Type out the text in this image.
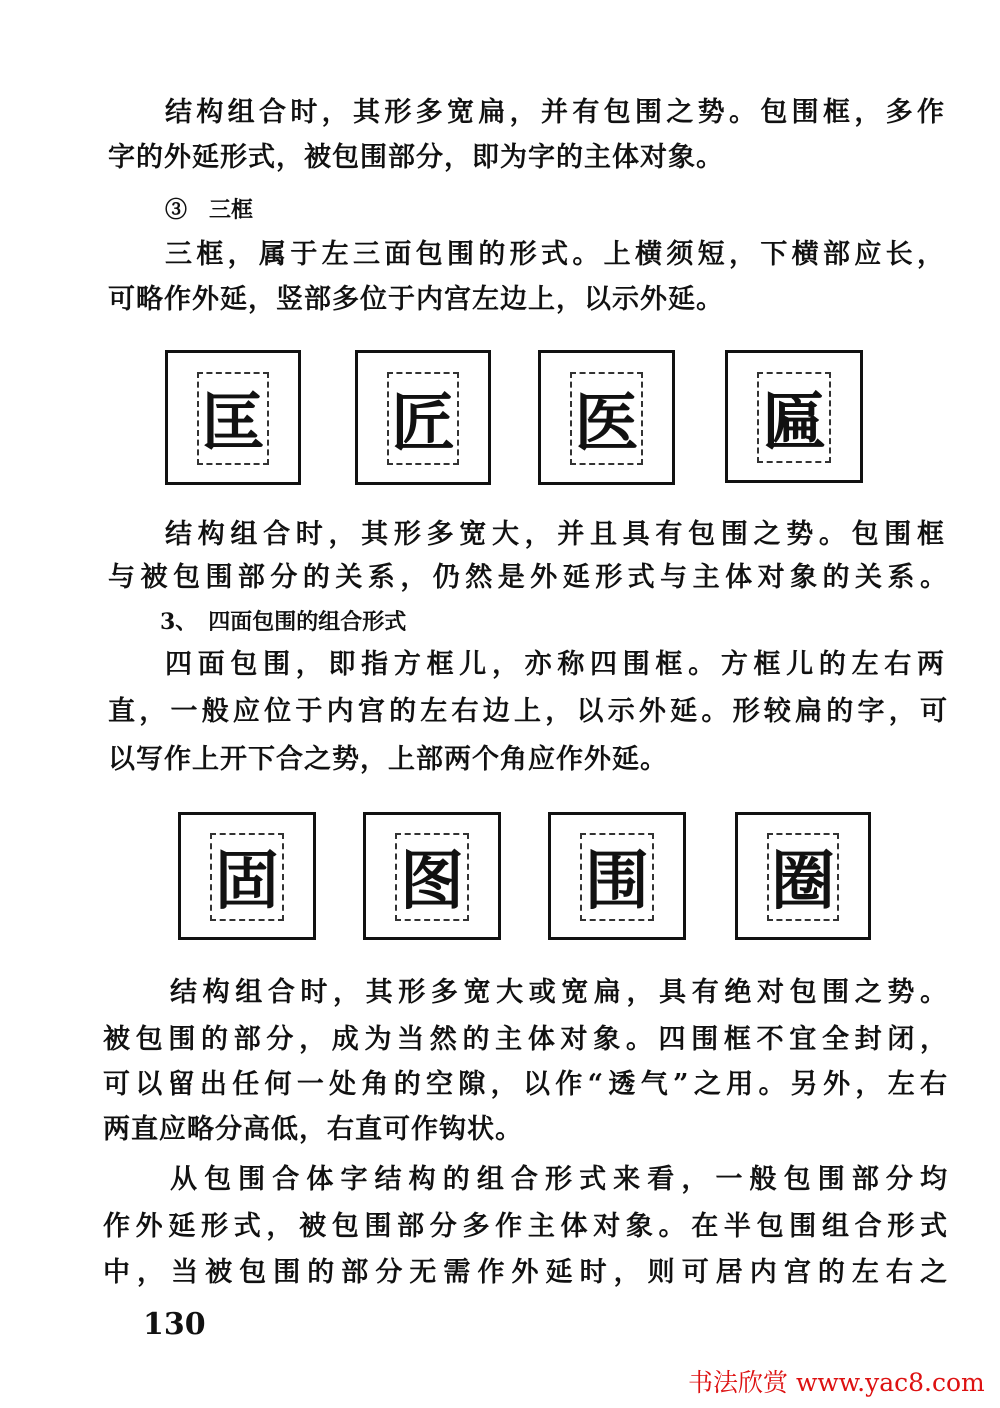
结构组合时，其形多宽扁，并有包围之势。包围框，多作
字的外延形式，被包围部分，即为字的主体对象。
③　三框
三框，属于左三面包围的形式。上横须短，下横部应长，
可略作外延，竖部多位于内宫左边上，以示外延。
匡	匠	医	匾
结构组合时，其形多宽大，并且具有包围之势。包围框
与被包围部分的关系，仍然是外延形式与主体对象的关系。
3、　四面包围的组合形式
四面包围，即指方框儿，亦称四围框。方框儿的左右两
直，一般应位于内宫的左右边上，以示外延。形较扁的字，可
以写作上开下合之势，上部两个角应作外延。
固	图	围	圈
结构组合时，其形多宽大或宽扁，具有绝对包围之势。
被包围的部分，成为当然的主体对象。四围框不宜全封闭，
可以留出任何一处角的空隙，以作“透气”之用。另外，左右
两直应略分高低，右直可作钩状。
从包围合体字结构的组合形式来看，一般包围部分均
作外延形式，被包围部分多作主体对象。在半包围组合形式
中，当被包围的部分无需作外延时，则可居内宫的左右之
130
书法欣赏 www.yac8.com
